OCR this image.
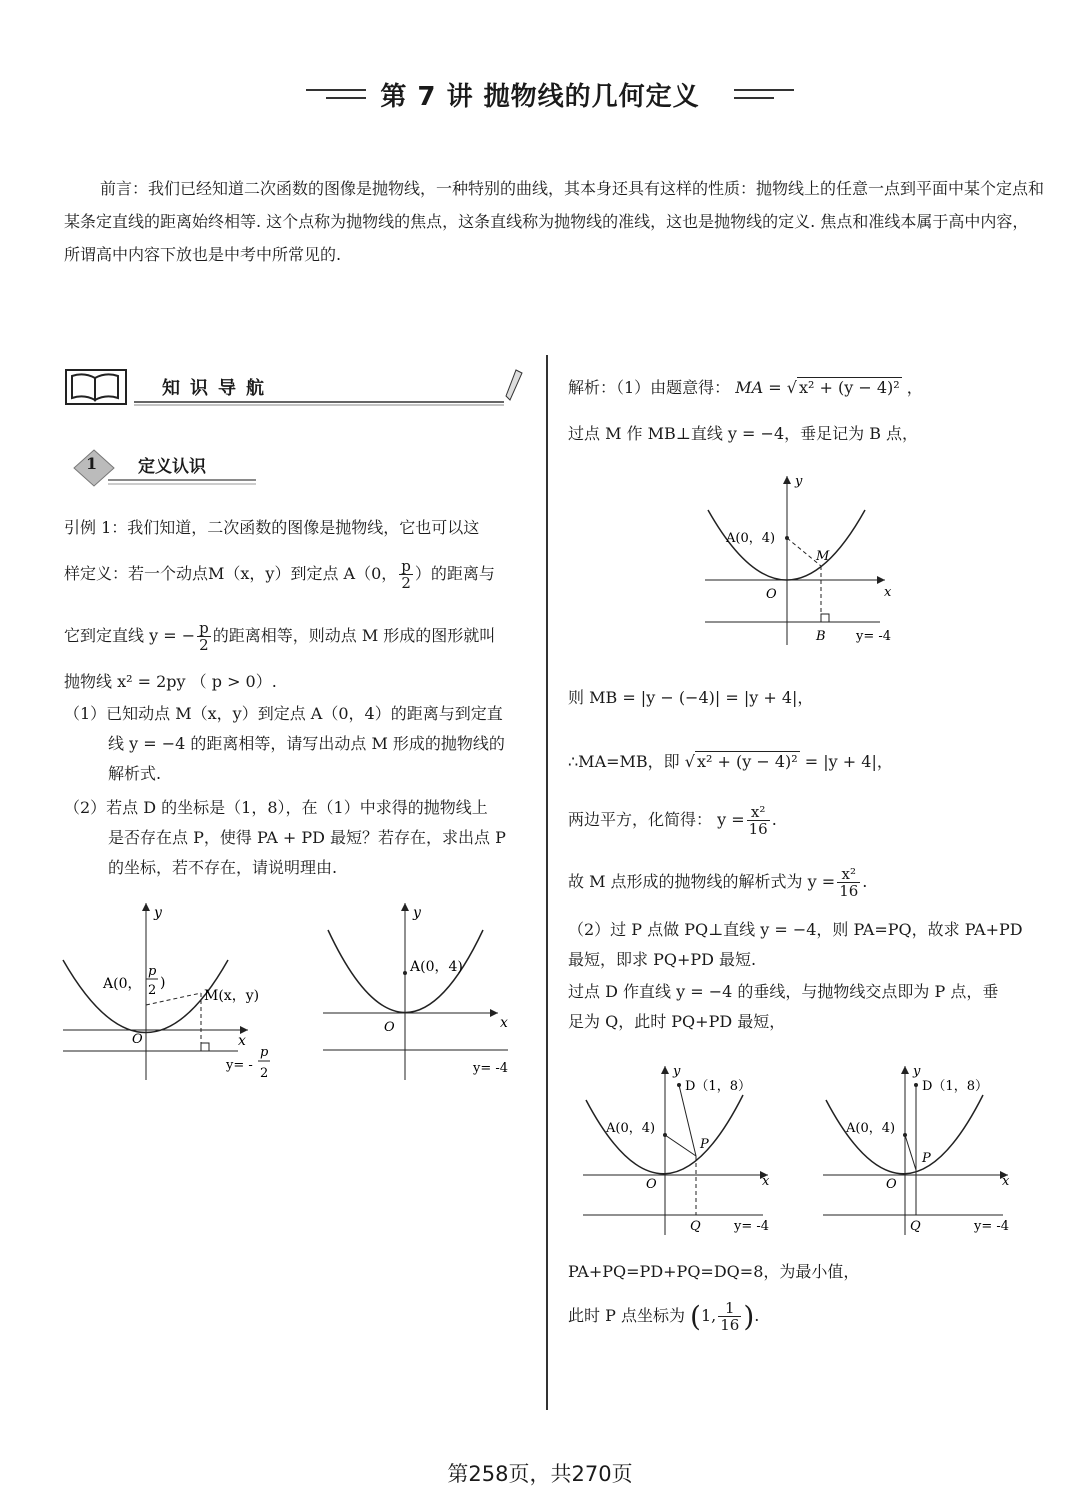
第 7 讲 抛物线的几何定义
前言：我们已经知道二次函数的图像是抛物线，一种特别的曲线，其本身还具有这样的性质：抛物线上的任意一点到平面中某个定点和某条定直线的距离始终相等. 这个点称为抛物线的焦点，这条直线称为抛物线的准线，这也是抛物线的定义. 焦点和准线本属于高中内容，所谓高中内容下放也是中考中所常见的.
知识导航
1 定义认识
引例 1：我们知道，二次函数的图像是抛物线，它也可以这
样定义：若一个动点M（x，y）到定点 A（0， $\frac{p}{2}$ ）的距离与
它到定直线 y = − $\frac{p}{2}$ 的距离相等，则动点 M 形成的图形就叫
抛物线 x² = 2py （ p > 0）.
（1）已知动点 M（x，y）到定点 A（0，4）的距离与到定直
线 y = −4 的距离相等，请写出动点 M 形成的抛物线的
解析式.
（2）若点 D 的坐标是（1，8），在（1）中求得的抛物线上
是否存在点 P，使得 PA + PD 最短？若存在，求出点 P
的坐标，若不存在，请说明理由.
y
x
O
A(0，
p
2 )
M(x，y)
y= -
p
2
y
x
O
A(0，4)
y= -4
解析：（1）由题意得： MA = √ x² + (y − 4)² ，
过点 M 作 MB⊥直线 y = −4，垂足记为 B 点，
y
x
O
A(0，4)
M
B y= -4
则 MB = |y − (−4)| = |y + 4|，
∴MA=MB，即 √ x² + (y − 4)² = |y + 4|，
两边平方，化简得： $y = \frac{\text{x²}}{16}$ .
故 M 点形成的抛物线的解析式为 $y = \frac{\text{x²}}{16}$ .
（2）过 P 点做 PQ⊥直线 y = −4，则 PA=PQ，故求 PA+PD
最短，即求 PQ+PD 最短.
过点 D 作直线 y = −4 的垂线，与抛物线交点即为 P 点，垂
足为 Q，此时 PQ+PD 最短，
y
x
O
A(0，4)
D（1，8）
P
Q	y= -4
y
x
O
A(0，4)
D（1，8）
P
Q	y= -4
PA+PQ=PD+PQ=DQ=8，为最小值，
此时 P 点坐标为 (1, $\frac{1}{16}$ ).
第258页，共270页
